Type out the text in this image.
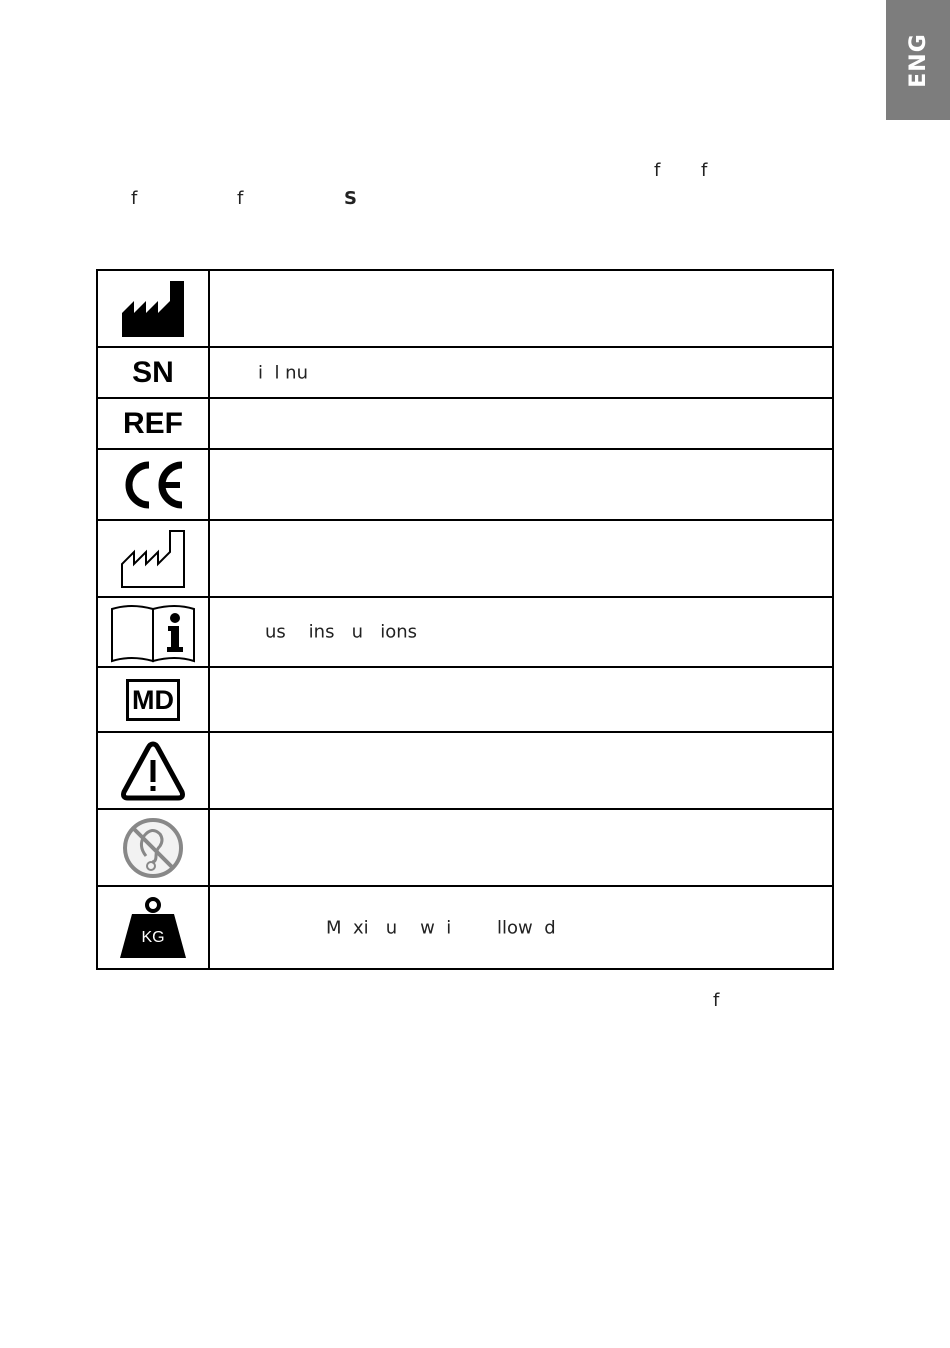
ENG
f f
f	f	S

SN	i  l nu

REF	

us    ins   u   ions

MD	

KG	M  xi   u    w  i        llow  d
f
